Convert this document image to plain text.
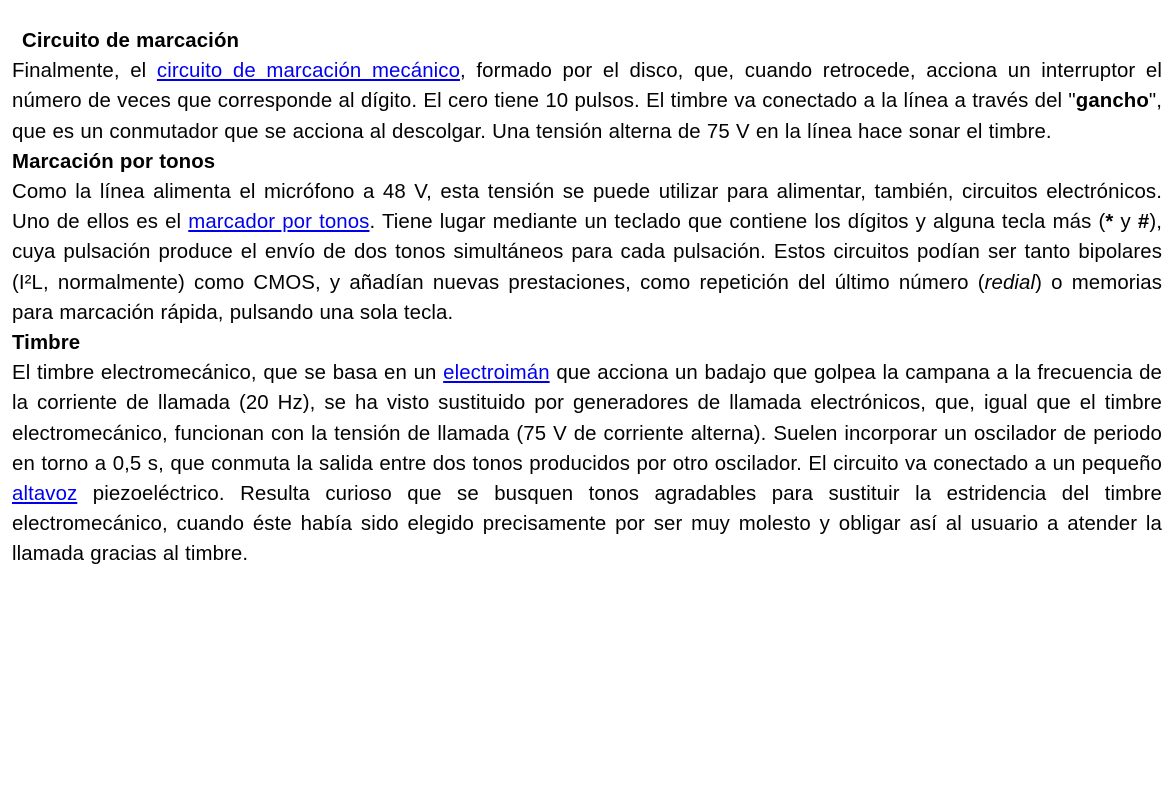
Circuito de marcación

Finalmente, el circuito de marcación mecánico, formado por el disco, que, cuando retrocede, acciona un interruptor el número de veces que corresponde al dígito. El cero tiene 10 pulsos. El timbre va conectado a la línea a través del "gancho", que es un conmutador que se acciona al descolgar. Una tensión alterna de 75 V en la línea hace sonar el timbre.

Marcación por tonos

Como la línea alimenta el micrófono a 48 V, esta tensión se puede utilizar para alimentar, también, circuitos electrónicos. Uno de ellos es el marcador por tonos. Tiene lugar mediante un teclado que contiene los dígitos y alguna tecla más (* y #), cuya pulsación produce el envío de dos tonos simultáneos para cada pulsación. Estos circuitos podían ser tanto bipolares (I²L, normalmente) como CMOS, y añadían nuevas prestaciones, como repetición del último número (redial) o memorias para marcación rápida, pulsando una sola tecla.

Timbre

El timbre electromecánico, que se basa en un electroimán que acciona un badajo que golpea la campana a la frecuencia de la corriente de llamada (20 Hz), se ha visto sustituido por generadores de llamada electrónicos, que, igual que el timbre electromecánico, funcionan con la tensión de llamada (75 V de corriente alterna). Suelen incorporar un oscilador de periodo en torno a 0,5 s, que conmuta la salida entre dos tonos producidos por otro oscilador. El circuito va conectado a un pequeño altavoz piezoeléctrico. Resulta curioso que se busquen tonos agradables para sustituir la estridencia del timbre electromecánico, cuando éste había sido elegido precisamente por ser muy molesto y obligar así al usuario a atender la llamada gracias al timbre.
